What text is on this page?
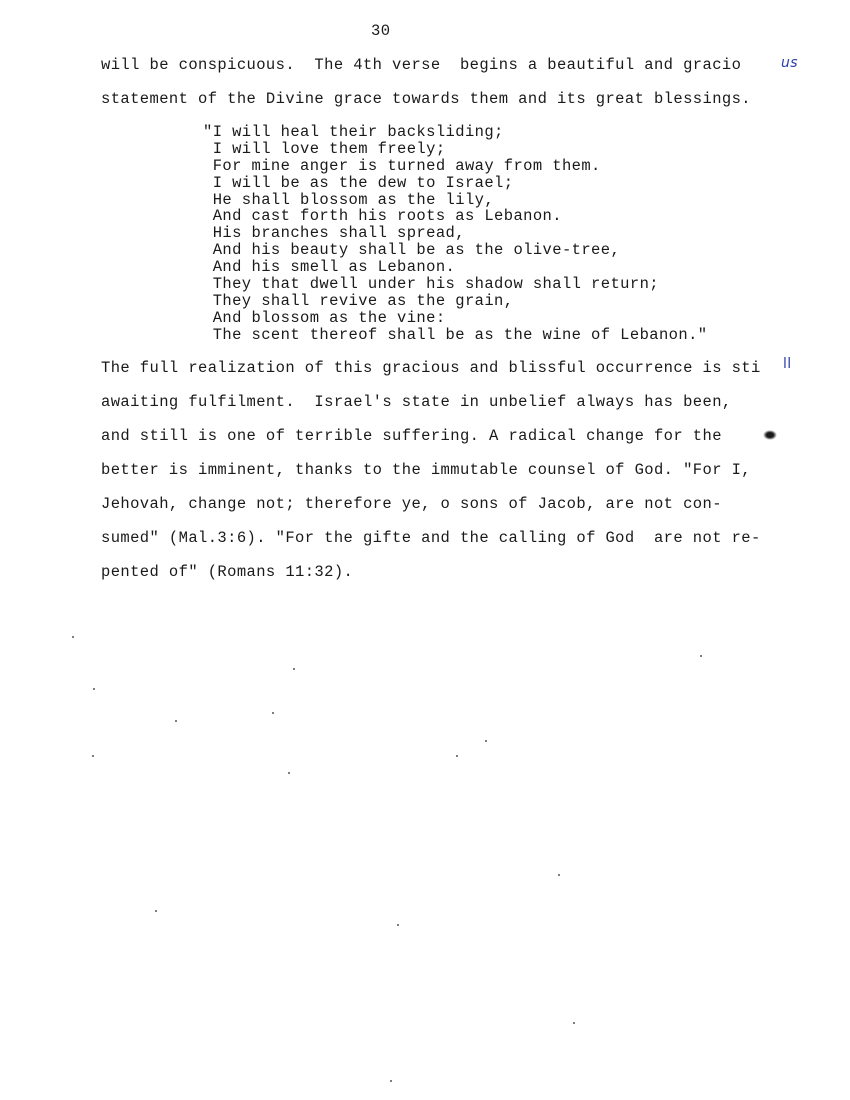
30
will be conspicuous.  The 4th verse  begins a beautiful and gracio
statement of the Divine grace towards them and its great blessings.
us
"I will heal their backsliding;
I will love them freely;
For mine anger is turned away from them.
I will be as the dew to Israel;
He shall blossom as the lily,
And cast forth his roots as Lebanon.
His branches shall spread,
And his beauty shall be as the olive-tree,
And his smell as Lebanon.
They that dwell under his shadow shall return;
They shall revive as the grain,
And blossom as the vine:
The scent thereof shall be as the wine of Lebanon."
The full realization of this gracious and blissful occurrence is sti
awaiting fulfilment.  Israel's state in unbelief always has been,
and still is one of terrible suffering. A radical change for the
better is imminent, thanks to the immutable counsel of God. "For I,
Jehovah, change not; therefore ye, o sons of Jacob, are not con-
sumed" (Mal.3:6). "For the gifte and the calling of God  are not re-
pented of" (Romans 11:32).
ll
